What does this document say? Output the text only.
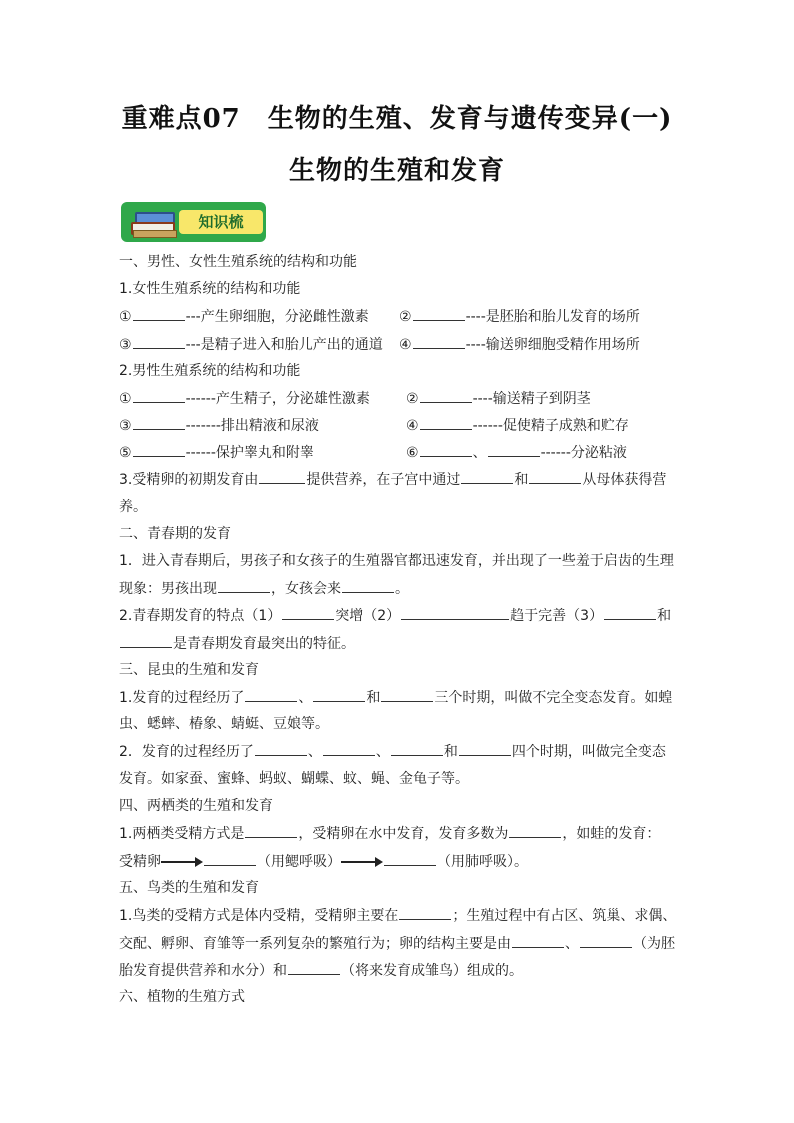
重难点07　生物的生殖、发育与遗传变异(一)
生物的生殖和发育
知识梳
一、男性、女性生殖系统的结构和功能
1.女性生殖系统的结构和功能
①	---产生卵细胞，分泌雌性激素 ②	----是胚胎和胎儿发育的场所
③	---是精子进入和胎儿产出的通道 ④	----输送卵细胞受精作用场所
2.男性生殖系统的结构和功能
①	------产生精子，分泌雄性激素	②	----输送精子到阴茎
③	-------排出精液和尿液	④	------促使精子成熟和贮存
⑤	------保护睾丸和附睾	⑥	、	------分泌粘液
3.受精卵的初期发育由	提供营养，在子宫中通过	和	从母体获得营
养。
二、青春期的发育
1．进入青春期后，男孩子和女孩子的生殖器官都迅速发育，并出现了一些羞于启齿的生理
现象：男孩出现	，女孩会来	。
2.青春期发育的特点（1）	突增（2）	趋于完善（3）	和
是青春期发育最突出的特征。
三、昆虫的生殖和发育
1.发育的过程经历了	、	和	三个时期，叫做不完全变态发育。如蝗
虫、蟋蟀、椿象、蜻蜓、豆娘等。
2．发育的过程经历了	、	、	和	四个时期，叫做完全变态
发育。如家蚕、蜜蜂、蚂蚁、蝴蝶、蚊、蝇、金龟子等。
四、两栖类的生殖和发育
1.两栖类受精方式是	，受精卵在水中发育，发育多数为	，如蛙的发育：
受精卵	（用鳃呼吸）	（用肺呼吸）。
五、鸟类的生殖和发育
1.鸟类的受精方式是体内受精，受精卵主要在	；生殖过程中有占区、筑巢、求偶、
交配、孵卵、育雏等一系列复杂的繁殖行为；卵的结构主要是由	、	（为胚
胎发育提供营养和水分）和	（将来发育成雏鸟）组成的。
六、植物的生殖方式
